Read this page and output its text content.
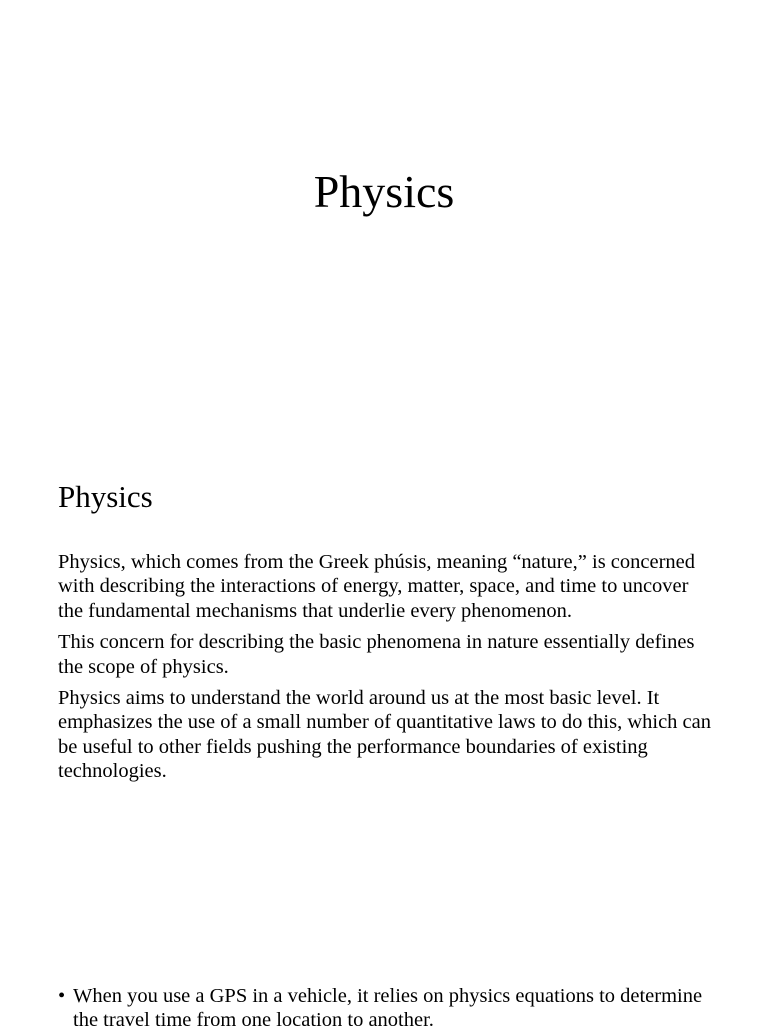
Physics
Physics

Physics, which comes from the Greek phúsis, meaning “nature,” is concerned with describing the interactions of energy, matter, space, and time to uncover the fundamental mechanisms that underlie every phenomenon.

This concern for describing the basic phenomena in nature essentially defines the scope of physics.

Physics aims to understand the world around us at the most basic level. It emphasizes the use of a small number of quantitative laws to do this, which can be useful to other fields pushing the performance boundaries of existing technologies.

• When you use a GPS in a vehicle, it relies on physics equations to determine the travel time from one location to another.
